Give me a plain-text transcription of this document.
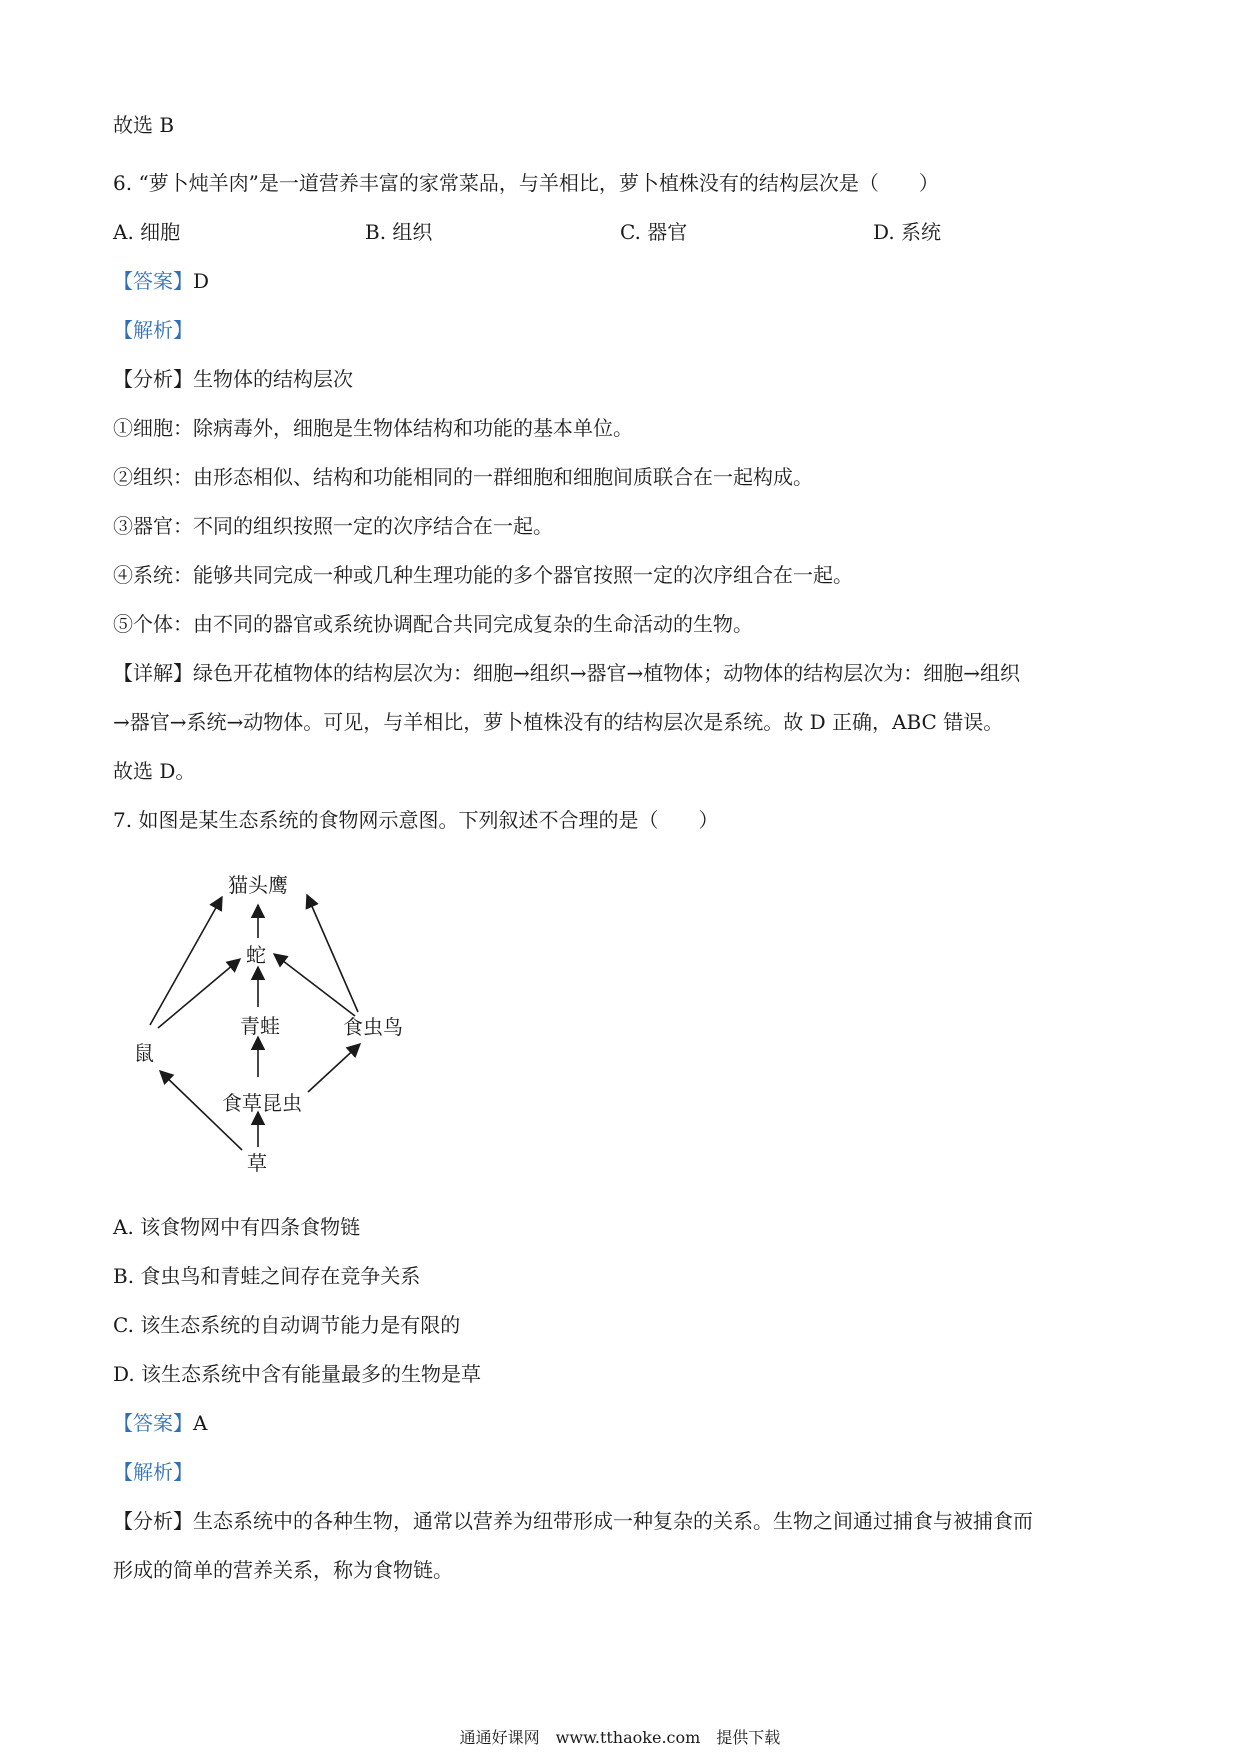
故选 B
6. “萝卜炖羊肉”是一道营养丰富的家常菜品，与羊相比，萝卜植株没有的结构层次是（　　）
A. 细胞	B. 组织	C. 器官	D. 系统
【答案】D
【解析】
【分析】生物体的结构层次
①细胞：除病毒外，细胞是生物体结构和功能的基本单位。
②组织：由形态相似、结构和功能相同的一群细胞和细胞间质联合在一起构成。
③器官：不同的组织按照一定的次序结合在一起。
④系统：能够共同完成一种或几种生理功能的多个器官按照一定的次序组合在一起。
⑤个体：由不同的器官或系统协调配合共同完成复杂的生命活动的生物。
【详解】绿色开花植物体的结构层次为：细胞→组织→器官→植物体；动物体的结构层次为：细胞→组织
→器官→系统→动物体。可见，与羊相比，萝卜植株没有的结构层次是系统。故 D 正确，ABC 错误。
故选 D。
7. 如图是某生态系统的食物网示意图。下列叙述不合理的是（　　）
猫头鹰
蛇
青蛙	食虫鸟
鼠
食草昆虫
草
A. 该食物网中有四条食物链
B. 食虫鸟和青蛙之间存在竞争关系
C. 该生态系统的自动调节能力是有限的
D. 该生态系统中含有能量最多的生物是草
【答案】A
【解析】
【分析】生态系统中的各种生物，通常以营养为纽带形成一种复杂的关系。生物之间通过捕食与被捕食而
形成的简单的营养关系，称为食物链。
通通好课网　www.tthaoke.com　提供下载
